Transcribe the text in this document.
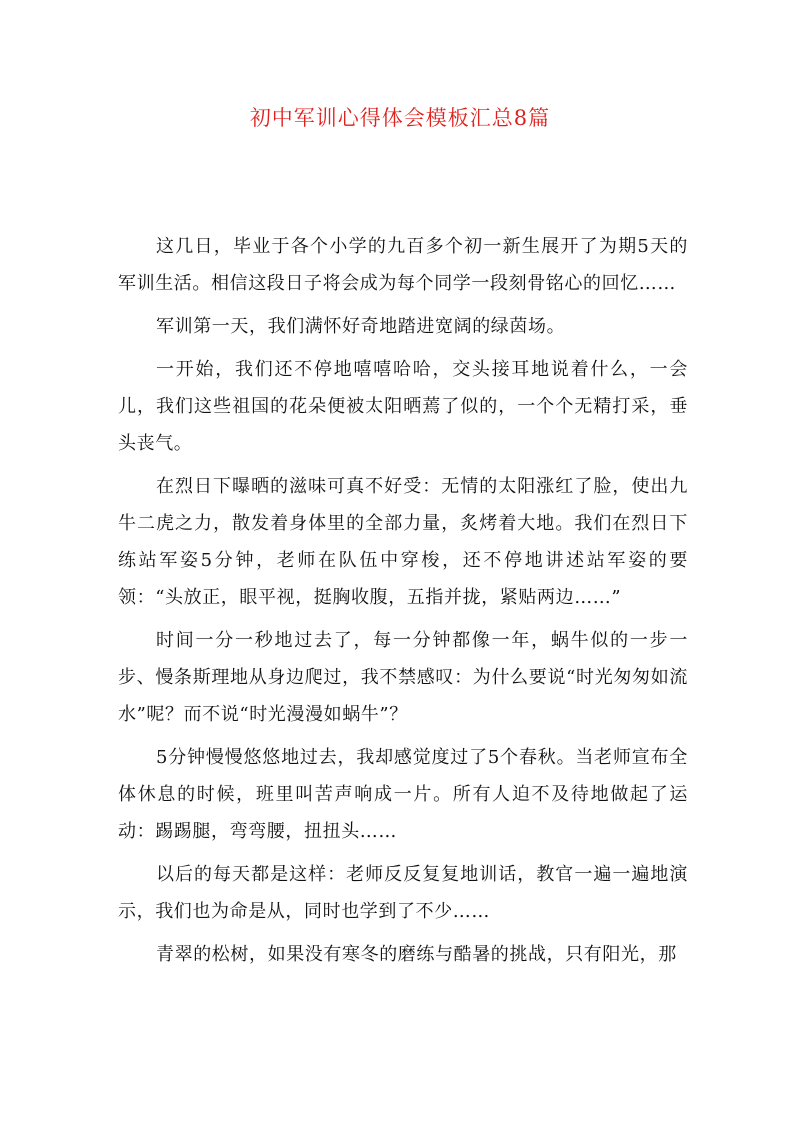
初中军训心得体会模板汇总8篇

这几日，毕业于各个小学的九百多个初一新生展开了为期5天的军训生活。相信这段日子将会成为每个同学一段刻骨铭心的回忆……

军训第一天，我们满怀好奇地踏进宽阔的绿茵场。

一开始，我们还不停地嘻嘻哈哈，交头接耳地说着什么，一会儿，我们这些祖国的花朵便被太阳晒蔫了似的，一个个无精打采，垂头丧气。

在烈日下曝晒的滋味可真不好受：无情的太阳涨红了脸，使出九牛二虎之力，散发着身体里的全部力量，炙烤着大地。我们在烈日下练站军姿5分钟，老师在队伍中穿梭，还不停地讲述站军姿的要领：“头放正，眼平视，挺胸收腹，五指并拢，紧贴两边……”

时间一分一秒地过去了，每一分钟都像一年，蜗牛似的一步一步、慢条斯理地从身边爬过，我不禁感叹：为什么要说“时光匆匆如流水”呢？而不说“时光漫漫如蜗牛”？

5分钟慢慢悠悠地过去，我却感觉度过了5个春秋。当老师宣布全体休息的时候，班里叫苦声响成一片。所有人迫不及待地做起了运动：踢踢腿，弯弯腰，扭扭头……

以后的每天都是这样：老师反反复复地训话，教官一遍一遍地演示，我们也为命是从，同时也学到了不少……

青翠的松树，如果没有寒冬的磨练与酷暑的挑战，只有阳光，那
